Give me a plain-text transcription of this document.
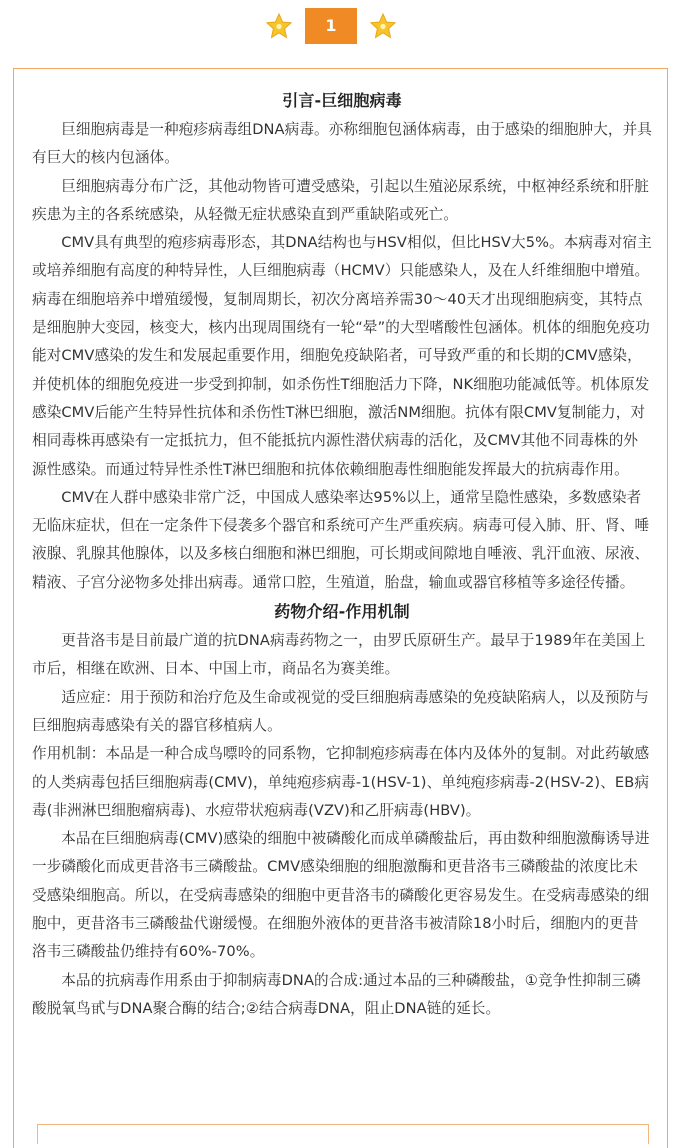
1
引言-巨细胞病毒

巨细胞病毒是一种疱疹病毒组DNA病毒。亦称细胞包涵体病毒，由于感染的细胞肿大，并具有巨大的核内包涵体。

巨细胞病毒分布广泛，其他动物皆可遭受感染，引起以生殖泌尿系统，中枢神经系统和肝脏疾患为主的各系统感染，从轻微无症状感染直到严重缺陷或死亡。

CMV具有典型的疱疹病毒形态，其DNA结构也与HSV相似，但比HSV大5%。本病毒对宿主或培养细胞有高度的种特异性，人巨细胞病毒（HCMV）只能感染人，及在人纤维细胞中增殖。病毒在细胞培养中增殖缓慢，复制周期长，初次分离培养需30～40天才出现细胞病变，其特点是细胞肿大变园，核变大，核内出现周围绕有一轮“晕”的大型嗜酸性包涵体。机体的细胞免疫功能对CMV感染的发生和发展起重要作用，细胞免疫缺陷者，可导致严重的和长期的CMV感染，并使机体的细胞免疫进一步受到抑制，如杀伤性T细胞活力下降，NK细胞功能减低等。机体原发感染CMV后能产生特异性抗体和杀伤性T淋巴细胞，激活NM细胞。抗体有限CMV复制能力，对相同毒株再感染有一定抵抗力，但不能抵抗内源性潜伏病毒的活化，及CMV其他不同毒株的外源性感染。而通过特异性杀性T淋巴细胞和抗体依赖细胞毒性细胞能发挥最大的抗病毒作用。

CMV在人群中感染非常广泛，中国成人感染率达95%以上，通常呈隐性感染，多数感染者无临床症状，但在一定条件下侵袭多个器官和系统可产生严重疾病。病毒可侵入肺、肝、肾、唾液腺、乳腺其他腺体，以及多核白细胞和淋巴细胞，可长期或间隙地自唾液、乳汗血液、尿液、精液、子宫分泌物多处排出病毒。通常口腔，生殖道，胎盘，输血或器官移植等多途径传播。

药物介绍-作用机制

更昔洛韦是目前最广道的抗DNA病毒药物之一，由罗氏原研生产。最早于1989年在美国上市后，相继在欧洲、日本、中国上市，商品名为赛美维。

适应症：用于预防和治疗危及生命或视觉的受巨细胞病毒感染的免疫缺陷病人，以及预防与巨细胞病毒感染有关的器官移植病人。

作用机制：本品是一种合成鸟嘌呤的同系物，它抑制疱疹病毒在体内及体外的复制。对此药敏感的人类病毒包括巨细胞病毒(CMV)，单纯疱疹病毒-1(HSV-1)、单纯疱疹病毒-2(HSV-2)、EB病毒(非洲淋巴细胞瘤病毒)、水痘带状疱病毒(VZV)和乙肝病毒(HBV)。

本品在巨细胞病毒(CMV)感染的细胞中被磷酸化而成单磷酸盐后，再由数种细胞激酶诱导进一步磷酸化而成更昔洛韦三磷酸盐。CMV感染细胞的细胞激酶和更昔洛韦三磷酸盐的浓度比未受感染细胞高。所以，在受病毒感染的细胞中更昔洛韦的磷酸化更容易发生。在受病毒感染的细胞中，更昔洛韦三磷酸盐代谢缓慢。在细胞外液体的更昔洛韦被清除18小时后，细胞内的更昔洛韦三磷酸盐仍维持有60%-70%。

本品的抗病毒作用系由于抑制病毒DNA的合成:通过本品的三种磷酸盐，①竞争性抑制三磷酸脱氧鸟甙与DNA聚合酶的结合;②结合病毒DNA，阻止DNA链的延长。
